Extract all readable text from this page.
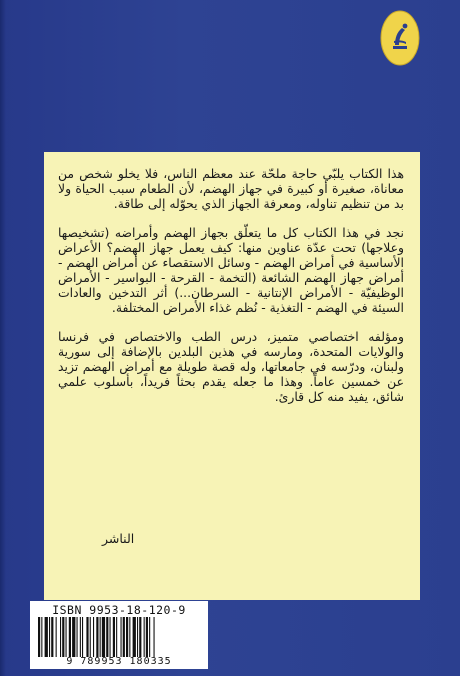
هذا الكتاب يلبّي حاجة ملحّة عند معظم الناس، فلا يخلو شخص من معاناة، صغيرة أو كبيرة في جهاز الهضم، لأن الطعام سبب الحياة ولا بد من تنظيم تناوله، ومعرفة الجهاز الذي يحوّله إلى طاقة.

نجد في هذا الكتاب كل ما يتعلّق بجهاز الهضم وأمراضه (تشخيصها وعلاجها) تحت عدّة عناوين منها: كيف يعمل جهاز الهضم؟ الأعراض الأساسية في أمراض الهضم - وسائل الاستقصاء عن أمراض الهضم - أمراض جهاز الهضم الشائعة (التخمة - القرحة - البواسير - الأمراض الوظيفيّة - الأمراض الإنتانية - السرطان...) أثر التدخين والعادات السيئة في الهضم - التغذية - نُظم غذاء الأمراض المختلفة.

ومؤلفه اختصاصي متميز، درس الطب والاختصاص في فرنسا والولايات المتحدة، ومارسه في هذين البلدين بالإضافة إلى سورية ولبنان، ودرّسه في جامعاتها، وله قصة طويلة مع أمراض الهضم تزيد عن خمسين عاماً. وهذا ما جعله يقدم بحثاً فريداً، بأسلوب علمي شائق، يفيد منه كل قارئ.

الناشر
ISBN 9953-18-120-9
9 789953 180335
